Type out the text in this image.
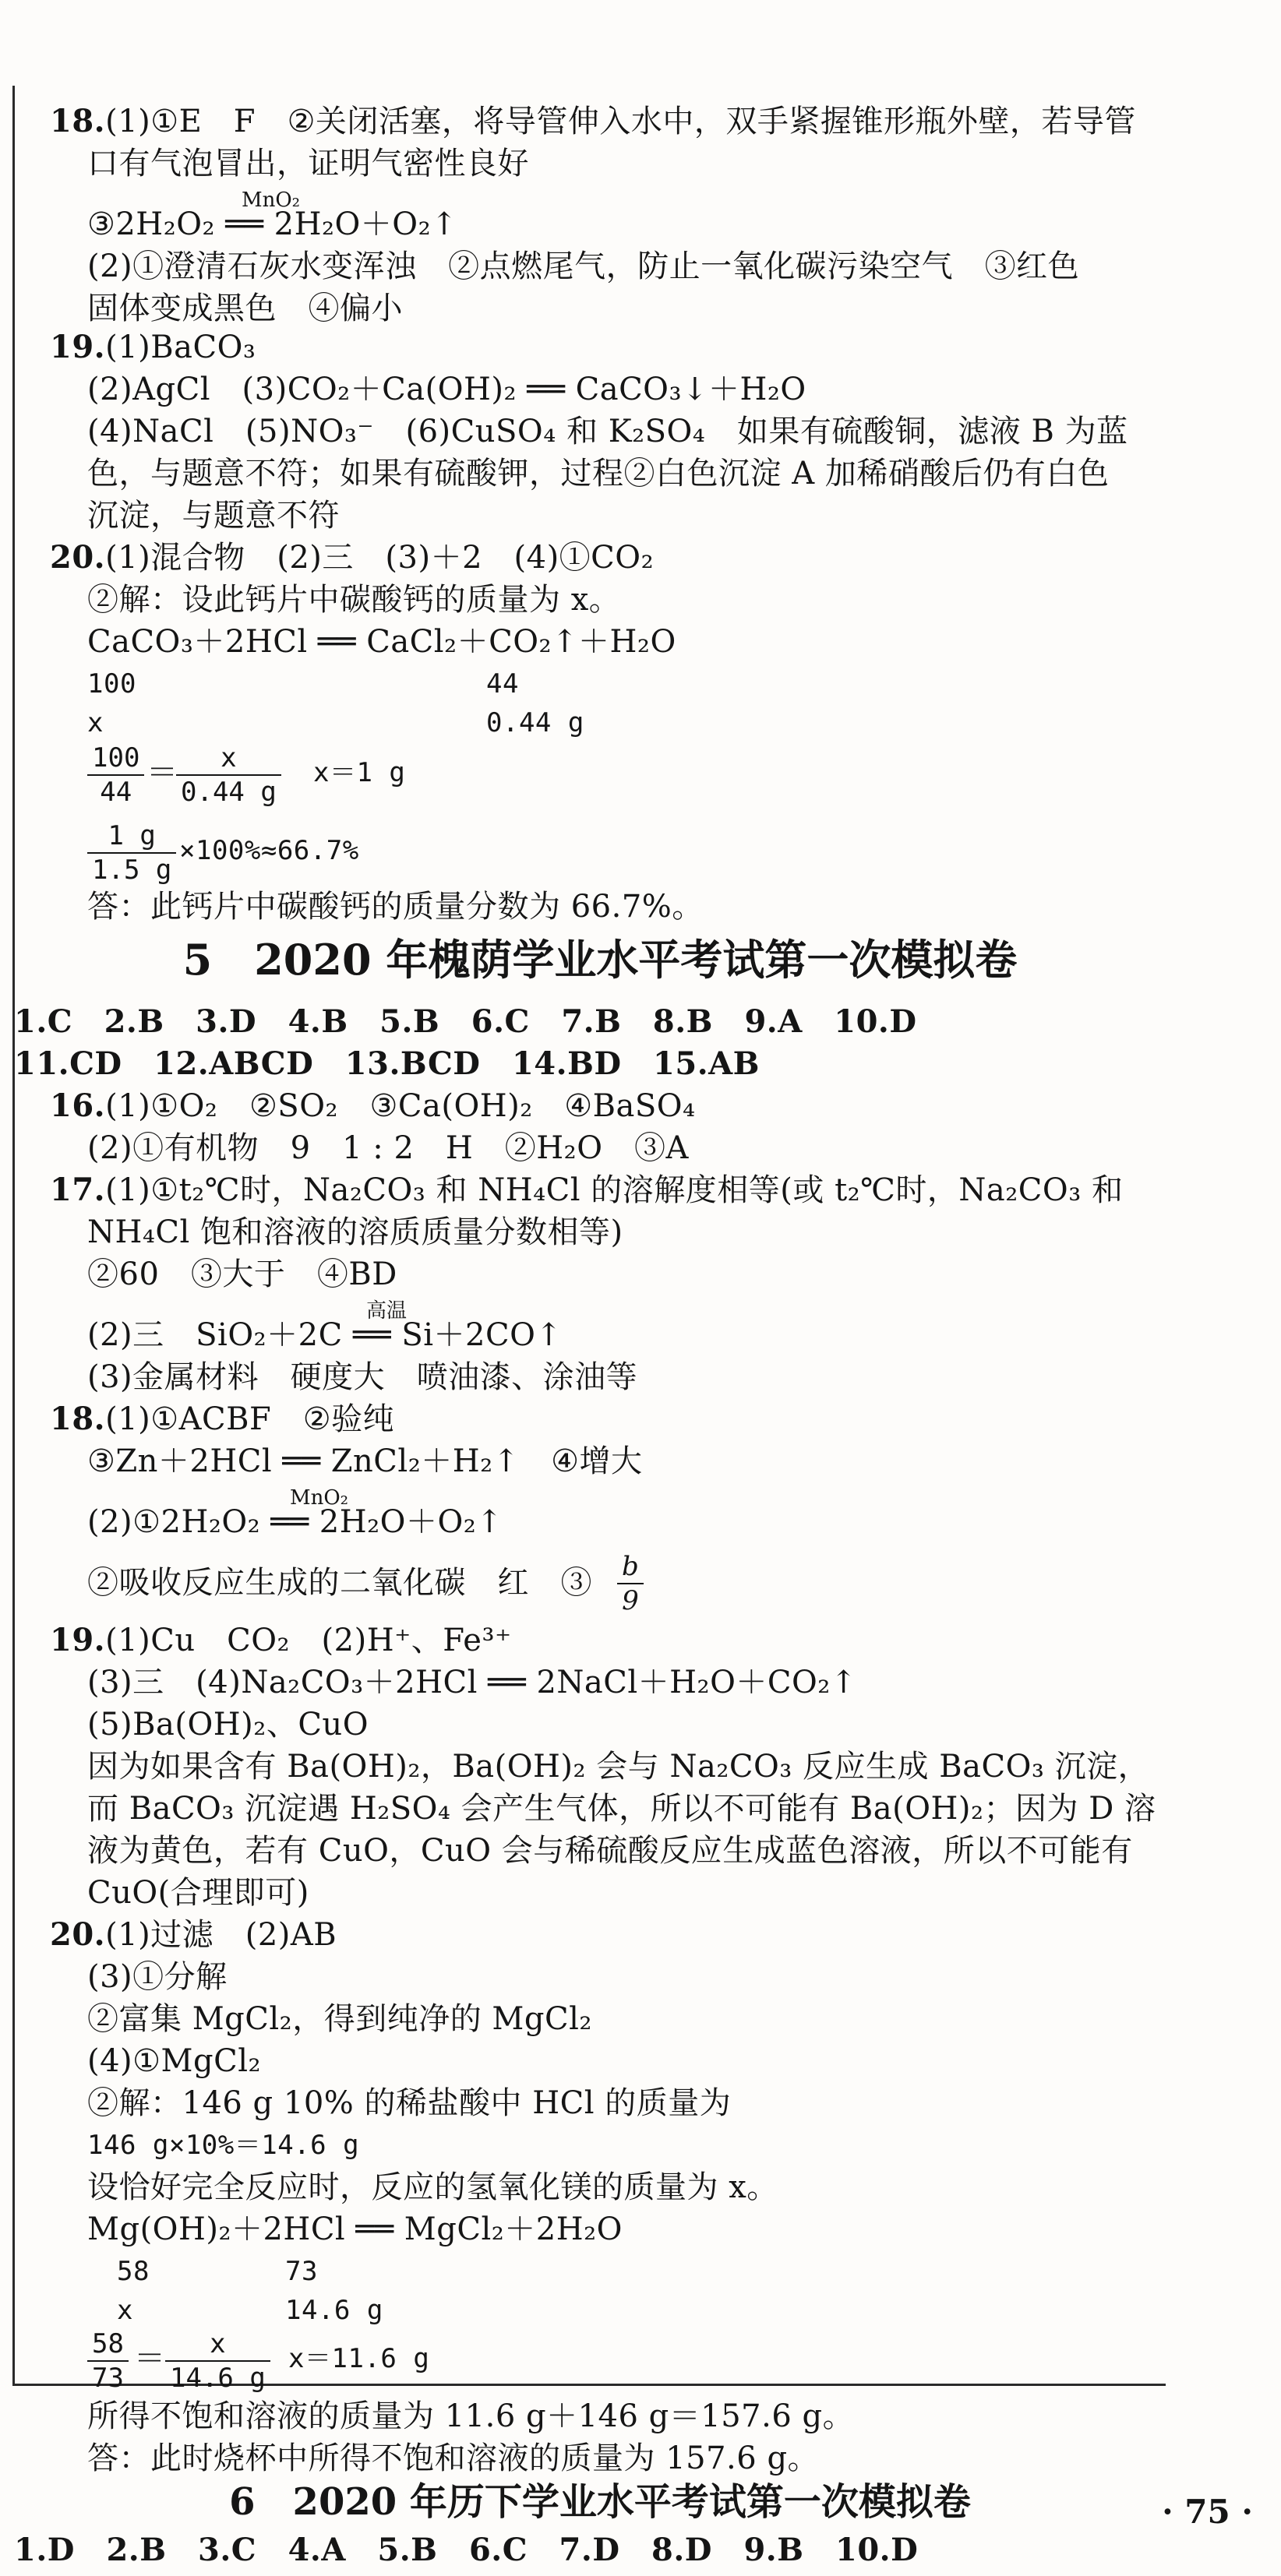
18.(1)①E　F　②关闭活塞，将导管伸入水中，双手紧握锥形瓶外壁，若导管
口有气泡冒出，证明气密性良好
MnO₂
③2H₂O₂ ══ 2H₂O＋O₂↑
(2)①澄清石灰水变浑浊　②点燃尾气，防止一氧化碳污染空气　③红色
固体变成黑色　④偏小
19.(1)BaCO₃
(2)AgCl　(3)CO₂＋Ca(OH)₂ ══ CaCO₃↓＋H₂O
(4)NaCl　(5)NO₃⁻　(6)CuSO₄ 和 K₂SO₄　如果有硫酸铜，滤液 B 为蓝
色，与题意不符；如果有硫酸钾，过程②白色沉淀 A 加稀硝酸后仍有白色
沉淀，与题意不符
20.(1)混合物　(2)三　(3)＋2　(4)①CO₂
②解：设此钙片中碳酸钙的质量为 x。
CaCO₃＋2HCl ══ CaCl₂＋CO₂↑＋H₂O
100	44
x	0.44 g
$\frac{100}{44}$ ＝
$\frac{x}{0.44 g} x=1$ g
$\frac{1 g}{1.5 g} \times 100\%\approx 66.7\%$
答：此钙片中碳酸钙的质量分数为 66.7%。
5　2020 年槐荫学业水平考试第一次模拟卷
1.C　2.B　3.D　4.B　5.B　6.C　7.B　8.B　9.A　10.D
11.CD　12.ABCD　13.BCD　14.BD　15.AB
16.(1)①O₂　②SO₂　③Ca(OH)₂　④BaSO₄
(2)①有机物　9　1 : 2　H　②H₂O　③A
17.(1)①t₂℃时，Na₂CO₃ 和 NH₄Cl 的溶解度相等(或 t₂℃时，Na₂CO₃ 和
NH₄Cl 饱和溶液的溶质质量分数相等)
②60　③大于　④BD
高温
(2)三　SiO₂＋2C ══ Si＋2CO↑
(3)金属材料　硬度大　喷油漆、涂油等
18.(1)①ACBF　②验纯
③Zn＋2HCl ══ ZnCl₂＋H₂↑　④增大
MnO₂
(2)①2H₂O₂ ══ 2H₂O＋O₂↑
②吸收反应生成的二氧化碳　红　③ $\frac{b}{9}$
19.(1)Cu　CO₂　(2)H⁺、Fe³⁺
(3)三　(4)Na₂CO₃＋2HCl ══ 2NaCl＋H₂O＋CO₂↑
(5)Ba(OH)₂、CuO
因为如果含有 Ba(OH)₂，Ba(OH)₂ 会与 Na₂CO₃ 反应生成 BaCO₃ 沉淀，
而 BaCO₃ 沉淀遇 H₂SO₄ 会产生气体，所以不可能有 Ba(OH)₂；因为 D 溶
液为黄色，若有 CuO，CuO 会与稀硫酸反应生成蓝色溶液，所以不可能有
CuO(合理即可)
20.(1)过滤　(2)AB
(3)①分解
②富集 MgCl₂，得到纯净的 MgCl₂
(4)①MgCl₂
②解：146 g 10% 的稀盐酸中 HCl 的质量为
146 g×10%＝14.6 g
设恰好完全反应时，反应的氢氧化镁的质量为 x。
Mg(OH)₂＋2HCl ══ MgCl₂＋2H₂O
58	73
x	14.6 g
$\frac{58}{73} = \frac{x}{14.6 g} x=11.6$ g
所得不饱和溶液的质量为 11.6 g＋146 g＝157.6 g。
答：此时烧杯中所得不饱和溶液的质量为 157.6 g。
6　2020 年历下学业水平考试第一次模拟卷
1.D　2.B　3.C　4.A　5.B　6.C　7.D　8.D　9.B　10.D
· 75 ·
